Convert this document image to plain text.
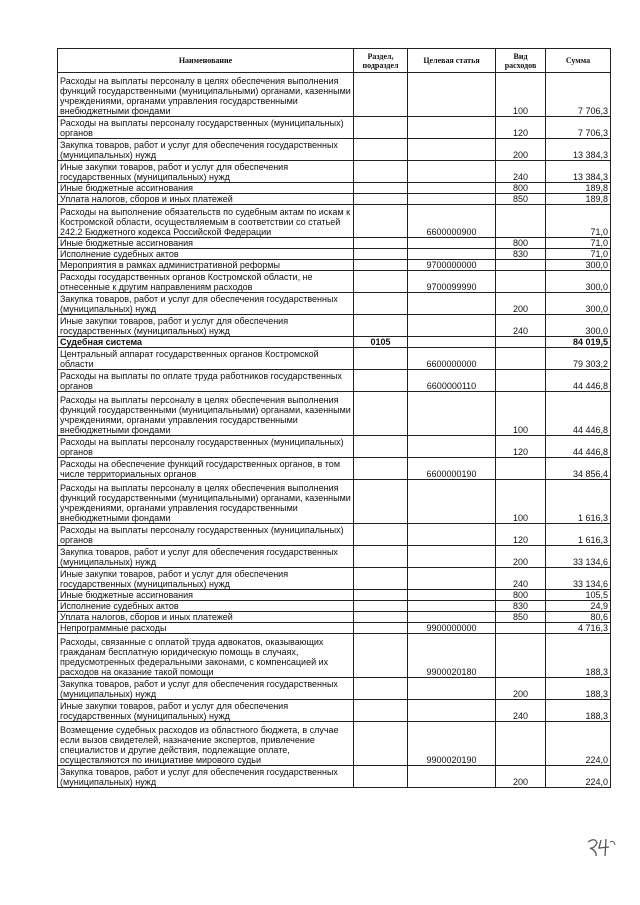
Наименование	Раздел, подраздел	Целевая статья	Вид расходов	Сумма
Расходы на выплаты персоналу в целях обеспечения выполнения функций государственными (муниципальными) органами, казенными учреждениями, органами управления государственными внебюджетными фондами			100	7 706,3
Расходы на выплаты персоналу государственных (муниципальных) органов			120	7 706,3
Закупка товаров, работ и услуг для обеспечения государственных (муниципальных) нужд			200	13 384,3
Иные закупки товаров, работ и услуг для обеспечения государственных (муниципальных) нужд			240	13 384,3
Иные бюджетные ассигнования			800	189,8
Уплата налогов, сборов и иных платежей			850	189,8
Расходы на выполнение обязательств по судебным актам по искам к Костромской области, осуществляемым в соответствии со статьей 242.2 Бюджетного кодекса Российской Федерации		6600000900		71,0
Иные бюджетные ассигнования			800	71,0
Исполнение судебных актов			830	71,0
Мероприятия в рамках административной реформы		9700000000		300,0
Расходы государственных органов Костромской области, не отнесенные к другим направлениям расходов		9700099990		300,0
Закупка товаров, работ и услуг для обеспечения государственных (муниципальных) нужд			200	300,0
Иные закупки товаров, работ и услуг для обеспечения государственных (муниципальных) нужд			240	300,0
Судебная система	0105			84 019,5
Центральный аппарат государственных органов Костромской области		6600000000		79 303,2
Расходы на выплаты по оплате труда работников государственных органов		6600000110		44 446,8
Расходы на выплаты персоналу в целях обеспечения выполнения функций государственными (муниципальными) органами, казенными учреждениями, органами управления государственными внебюджетными фондами			100	44 446,8
Расходы на выплаты персоналу государственных (муниципальных) органов			120	44 446,8
Расходы на обеспечение функций государственных органов, в том числе территориальных органов		6600000190		34 856,4
Расходы на выплаты персоналу в целях обеспечения выполнения функций государственными (муниципальными) органами, казенными учреждениями, органами управления государственными внебюджетными фондами			100	1 616,3
Расходы на выплаты персоналу государственных (муниципальных) органов			120	1 616,3
Закупка товаров, работ и услуг для обеспечения государственных (муниципальных) нужд			200	33 134,6
Иные закупки товаров, работ и услуг для обеспечения государственных (муниципальных) нужд			240	33 134,6
Иные бюджетные ассигнования			800	105,5
Исполнение судебных актов			830	24,9
Уплата налогов, сборов и иных платежей			850	80,6
Непрограммные расходы		9900000000		4 716,3
Расходы, связанные с оплатой труда адвокатов, оказывающих гражданам бесплатную юридическую помощь в случаях, предусмотренных федеральными законами, с компенсацией их расходов на оказание такой помощи		9900020180		188,3
Закупка товаров, работ и услуг для обеспечения государственных (муниципальных) нужд			200	188,3
Иные закупки товаров, работ и услуг для обеспечения государственных (муниципальных) нужд			240	188,3
Возмещение судебных расходов из областного бюджета, в случае если вызов свидетелей, назначение экспертов, привлечение специалистов и другие действия, подлежащие оплате, осуществляются по инициативе мирового судьи		9900020190		224,0
Закупка товаров, работ и услуг для обеспечения государственных (муниципальных) нужд			200	224,0
